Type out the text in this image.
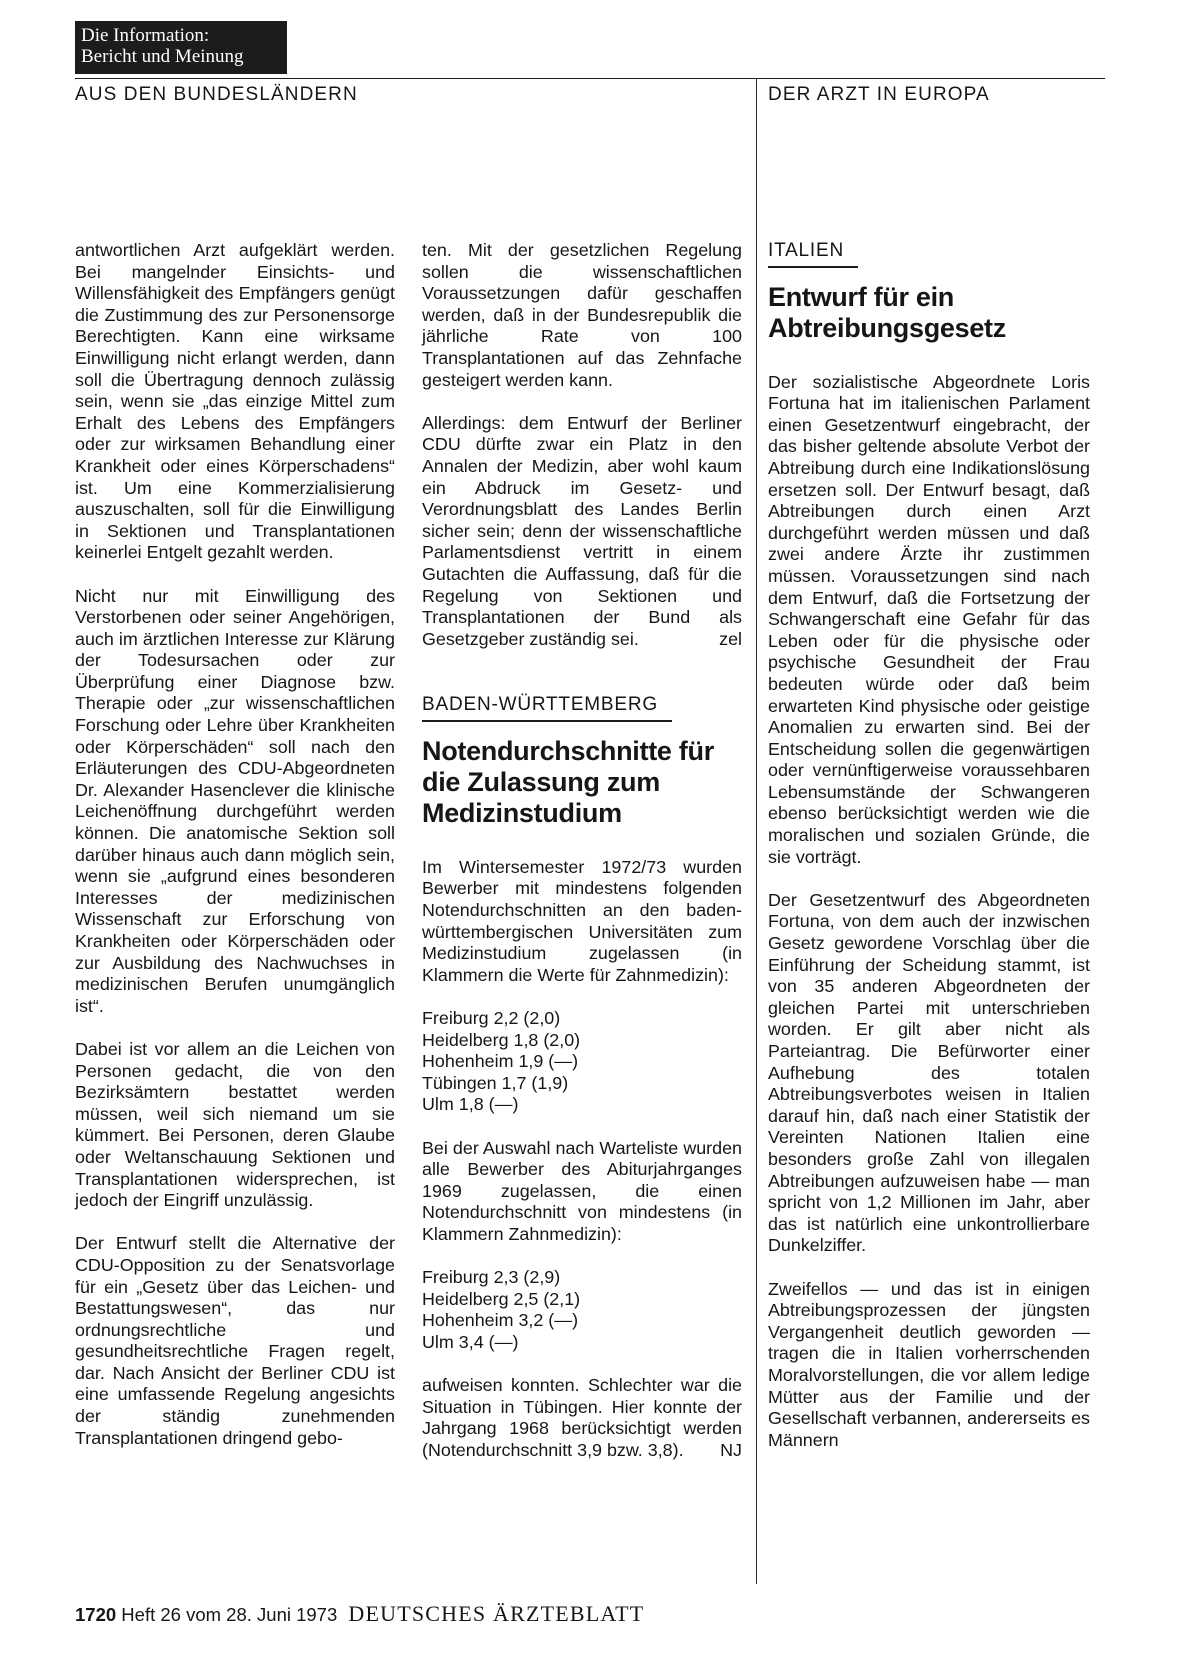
Die Information:
Bericht und Meinung
AUS DEN BUNDESLÄNDERN	DER ARZT IN EUROPA

antwortlichen Arzt aufgeklärt werden. Bei mangelnder Einsichts- und Willensfähigkeit des Empfängers genügt die Zustimmung des zur Personensorge Berechtigten. Kann eine wirksame Einwilligung nicht erlangt werden, dann soll die Übertragung dennoch zulässig sein, wenn sie „das einzige Mittel zum Erhalt des Lebens des Empfängers oder zur wirksamen Behandlung einer Krankheit oder eines Körperschadens“ ist. Um eine Kommerzialisierung auszuschalten, soll für die Einwilligung in Sektionen und Transplantationen keinerlei Entgelt gezahlt werden.

Nicht nur mit Einwilligung des Verstorbenen oder seiner Angehörigen, auch im ärztlichen Interesse zur Klärung der Todesursachen oder zur Überprüfung einer Diagnose bzw. Therapie oder „zur wissenschaftlichen Forschung oder Lehre über Krankheiten oder Körperschäden“ soll nach den Erläuterungen des CDU-Abgeordneten Dr. Alexander Hasenclever die klinische Leichenöffnung durchgeführt werden können. Die anatomische Sektion soll darüber hinaus auch dann möglich sein, wenn sie „aufgrund eines besonderen Interesses der medizinischen Wissenschaft zur Erforschung von Krankheiten oder Körperschäden oder zur Ausbildung des Nachwuchses in medizinischen Berufen unumgänglich ist“.

Dabei ist vor allem an die Leichen von Personen gedacht, die von den Bezirksämtern bestattet werden müssen, weil sich niemand um sie kümmert. Bei Personen, deren Glaube oder Weltanschauung Sektionen und Transplantationen widersprechen, ist jedoch der Eingriff unzulässig.

Der Entwurf stellt die Alternative der CDU-Opposition zu der Senatsvorlage für ein „Gesetz über das Leichen- und Bestattungswesen“, das nur ordnungsrechtliche und gesundheitsrechtliche Fragen regelt, dar. Nach Ansicht der Berliner CDU ist eine umfassende Regelung angesichts der ständig zunehmenden Transplantationen dringend gebo-

ten. Mit der gesetzlichen Regelung sollen die wissenschaftlichen Voraussetzungen dafür geschaffen werden, daß in der Bundesrepublik die jährliche Rate von 100 Transplantationen auf das Zehnfache gesteigert werden kann.

Allerdings: dem Entwurf der Berliner CDU dürfte zwar ein Platz in den Annalen der Medizin, aber wohl kaum ein Abdruck im Gesetz- und Verordnungsblatt des Landes Berlin sicher sein; denn der wissenschaftliche Parlamentsdienst vertritt in einem Gutachten die Auffassung, daß für die Regelung von Sektionen und Transplantationen der Bund als Gesetzgeber zuständig sei.	zel

BADEN-WÜRTTEMBERG
Notendurchschnitte für die Zulassung zum Medizinstudium

Im Wintersemester 1972/73 wurden Bewerber mit mindestens folgenden Notendurchschnitten an den baden-württembergischen Universitäten zum Medizinstudium zugelassen (in Klammern die Werte für Zahnmedizin):

Freiburg 2,2 (2,0)
Heidelberg 1,8 (2,0)
Hohenheim 1,9 (—)
Tübingen 1,7 (1,9)
Ulm 1,8 (—)

Bei der Auswahl nach Warteliste wurden alle Bewerber des Abiturjahrganges 1969 zugelassen, die einen Notendurchschnitt von mindestens (in Klammern Zahnmedizin):

Freiburg 2,3 (2,9)
Heidelberg 2,5 (2,1)
Hohenheim 3,2 (—)
Ulm 3,4 (—)

aufweisen konnten. Schlechter war die Situation in Tübingen. Hier konnte der Jahrgang 1968 berücksichtigt werden (Notendurchschnitt 3,9 bzw. 3,8). NJ

ITALIEN
Entwurf für ein Abtreibungsgesetz

Der sozialistische Abgeordnete Loris Fortuna hat im italienischen Parlament einen Gesetzentwurf eingebracht, der das bisher geltende absolute Verbot der Abtreibung durch eine Indikationslösung ersetzen soll. Der Entwurf besagt, daß Abtreibungen durch einen Arzt durchgeführt werden müssen und daß zwei andere Ärzte ihr zustimmen müssen. Voraussetzungen sind nach dem Entwurf, daß die Fortsetzung der Schwangerschaft eine Gefahr für das Leben oder für die physische oder psychische Gesundheit der Frau bedeuten würde oder daß beim erwarteten Kind physische oder geistige Anomalien zu erwarten sind. Bei der Entscheidung sollen die gegenwärtigen oder vernünftigerweise voraussehbaren Lebensumstände der Schwangeren ebenso berücksichtigt werden wie die moralischen und sozialen Gründe, die sie vorträgt.

Der Gesetzentwurf des Abgeordneten Fortuna, von dem auch der inzwischen Gesetz gewordene Vorschlag über die Einführung der Scheidung stammt, ist von 35 anderen Abgeordneten der gleichen Partei mit unterschrieben worden. Er gilt aber nicht als Parteiantrag. Die Befürworter einer Aufhebung des totalen Abtreibungsverbotes weisen in Italien darauf hin, daß nach einer Statistik der Vereinten Nationen Italien eine besonders große Zahl von illegalen Abtreibungen aufzuweisen habe — man spricht von 1,2 Millionen im Jahr, aber das ist natürlich eine unkontrollierbare Dunkelziffer.

Zweifellos — und das ist in einigen Abtreibungsprozessen der jüngsten Vergangenheit deutlich geworden — tragen die in Italien vorherrschenden Moralvorstellungen, die vor allem ledige Mütter aus der Familie und der Gesellschaft verbannen, andererseits es Männern

1720 Heft 26 vom 28. Juni 1973 DEUTSCHES ÄRZTEBLATT
